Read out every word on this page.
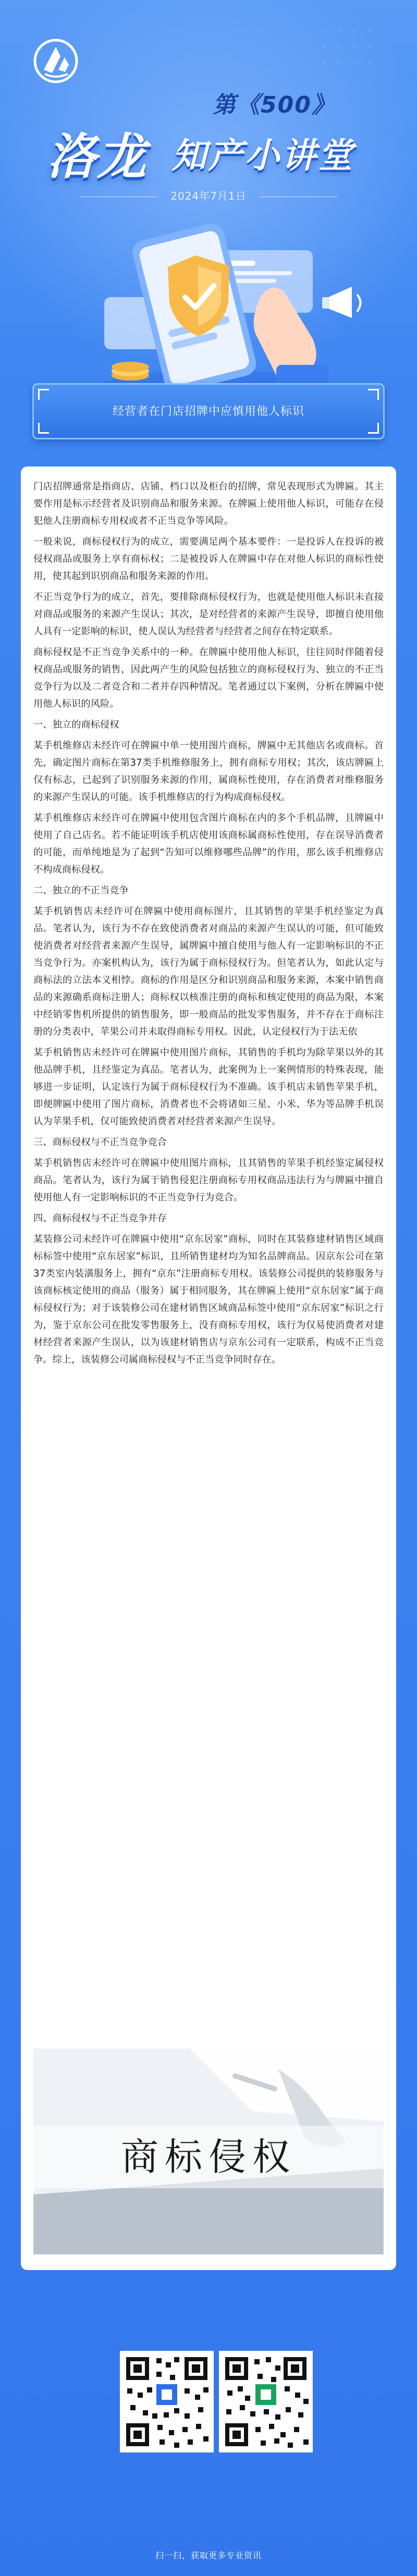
第《500》
洛龙 知产小讲堂
2024年7月1日
经营者在门店招牌中应慎用他人标识

门店招牌通常是指商店、店铺、档口以及柜台的招牌，常见表现形式为牌匾。其主要作用是标示经营者及识别商品和服务来源。在牌匾上使用他人标识，可能存在侵犯他人注册商标专用权或者不正当竞争等风险。

一般来说，商标侵权行为的成立，需要满足两个基本要件：一是投诉人在投诉的被侵权商品或服务上享有商标权；二是被投诉人在牌匾中存在对他人标识的商标性使用，使其起到识别商品和服务来源的作用。

不正当竞争行为的成立，首先，要排除商标侵权行为，也就是使用他人标识未直接对商品或服务的来源产生误认；其次，是对经营者的来源产生误导，即擅自使用他人具有一定影响的标识，使人误认为经营者与经营者之间存在特定联系。

商标侵权是不正当竞争关系中的一种。在牌匾中使用他人标识，往往同时伴随着侵权商品或服务的销售，因此两产生的风险包括独立的商标侵权行为、独立的不正当竞争行为以及二者竞合和二者并存四种情况。笔者通过以下案例，分析在牌匾中使用他人标识的风险。

一、独立的商标侵权

某手机维修店未经许可在牌匾中单一使用图片商标，牌匾中无其他店名或商标。首先，确定图片商标在第37类手机维修服务上，拥有商标专用权；其次，该店牌匾上仅有标志，已起到了识别服务来源的作用，属商标性使用，存在消费者对维修服务的来源产生误认的可能。该手机维修店的行为构成商标侵权。

某手机维修店未经许可在牌匾中使用包含图片商标在内的多个手机品牌，且牌匾中使用了自己店名。若不能证明该手机店使用该商标属商标性使用，存在误导消费者的可能，而单纯地是为了起到“告知可以维修哪些品牌”的作用，那么该手机维修店不构成商标侵权。

二、独立的不正当竞争

某手机销售店未经许可在牌匾中使用商标图片，且其销售的苹果手机经鉴定为真品。笔者认为，该行为不存在致使消费者对商品的来源产生误认的可能，但可能致使消费者对经营者来源产生误导，属牌匾中擅自使用与他人有一定影响标识的不正当竞争行为。亦案机构认为，该行为属于商标侵权行为。但笔者认为，如此认定与商标法的立法本义相悖。商标的作用是区分和识别商品和服务来源，本案中销售商品的来源确系商标注册人；商标权以核准注册的商标和核定使用的商品为限，本案中经销零售机所提供的销售服务，即一般商品的批发零售服务，并不存在于商标注册的分类表中，苹果公司并未取得商标专用权。因此，认定侵权行为于法无依

某手机销售店未经许可在牌匾中使用图片商标，其销售的手机均为除苹果以外的其他品牌手机，且经鉴定为真品。笔者认为，此案例为上一案例情形的特殊表现，能够进一步证明，认定该行为属于商标侵权行为不准确。该手机店未销售苹果手机，即便牌匾中使用了图片商标，消费者也不会将诸如三星、小米、华为等品牌手机误认为苹果手机，仅可能致使消费者对经营者来源产生误导。

三、商标侵权与不正当竞争竞合

某手机销售店未经许可在牌匾中使用图片商标，且其销售的苹果手机经鉴定属侵权商品。笔者认为，该行为属于销售侵犯注册商标专用权商品违法行为与牌匾中擅自使用他人有一定影响标识的不正当竞争行为竞合。

四、商标侵权与不正当竞争并存

某装修公司未经许可在牌匾中使用“京东居家”商标，同时在其装修建材销售区域商标标签中使用“京东居家”标识，且所销售建材均为知名品牌商品。因京东公司在第37类室内装潢服务上，拥有“京东”注册商标专用权。该装修公司提供的装修服务与该商标核定使用的商品（服务）属于相同服务，其在牌匾上使用“京东居家”属于商标侵权行为；对于该装修公司在建材销售区域商品标签中使用“京东居家”标识之行为，鉴于京东公司在批发零售服务上，没有商标专用权，该行为仅易使消费者对建材经营者来源产生误认，以为该建材销售店与京东公司有一定联系，构成不正当竞争。综上，该装修公司属商标侵权与不正当竞争同时存在。

商标侵权
扫一扫，获取更多专业资讯
